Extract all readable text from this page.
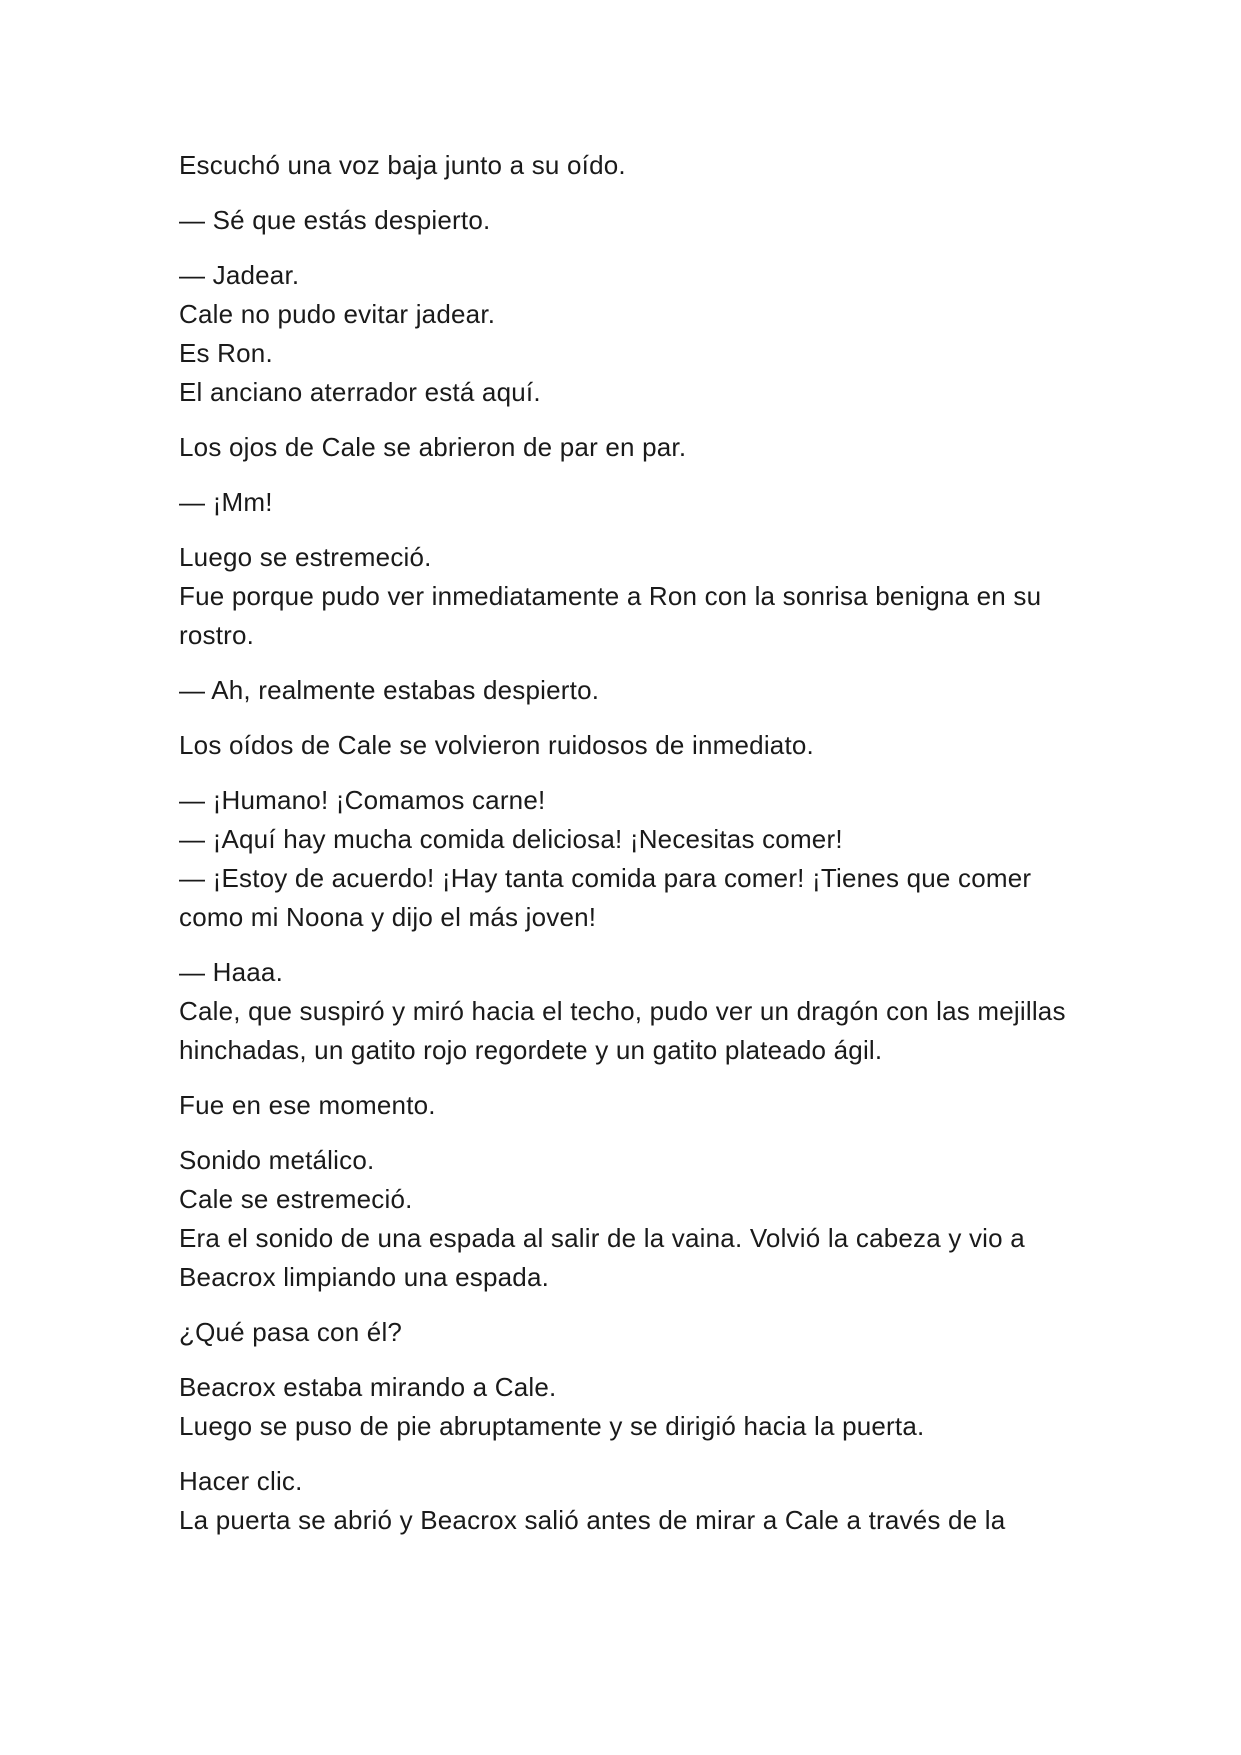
Escuchó una voz baja junto a su oído.
— Sé que estás despierto.
— Jadear.
Cale no pudo evitar jadear.
Es Ron.
El anciano aterrador está aquí.
Los ojos de Cale se abrieron de par en par.
— ¡Mm!
Luego se estremeció.
Fue porque pudo ver inmediatamente a Ron con la sonrisa benigna en su
rostro.
— Ah, realmente estabas despierto.
Los oídos de Cale se volvieron ruidosos de inmediato.
— ¡Humano! ¡Comamos carne!
— ¡Aquí hay mucha comida deliciosa! ¡Necesitas comer!
— ¡Estoy de acuerdo! ¡Hay tanta comida para comer! ¡Tienes que comer
como mi Noona y dijo el más joven!
— Haaa.
Cale, que suspiró y miró hacia el techo, pudo ver un dragón con las mejillas
hinchadas, un gatito rojo regordete y un gatito plateado ágil.
Fue en ese momento.
Sonido metálico.
Cale se estremeció.
Era el sonido de una espada al salir de la vaina. Volvió la cabeza y vio a
Beacrox limpiando una espada.
¿Qué pasa con él?
Beacrox estaba mirando a Cale.
Luego se puso de pie abruptamente y se dirigió hacia la puerta.
Hacer clic.
La puerta se abrió y Beacrox salió antes de mirar a Cale a través de la
